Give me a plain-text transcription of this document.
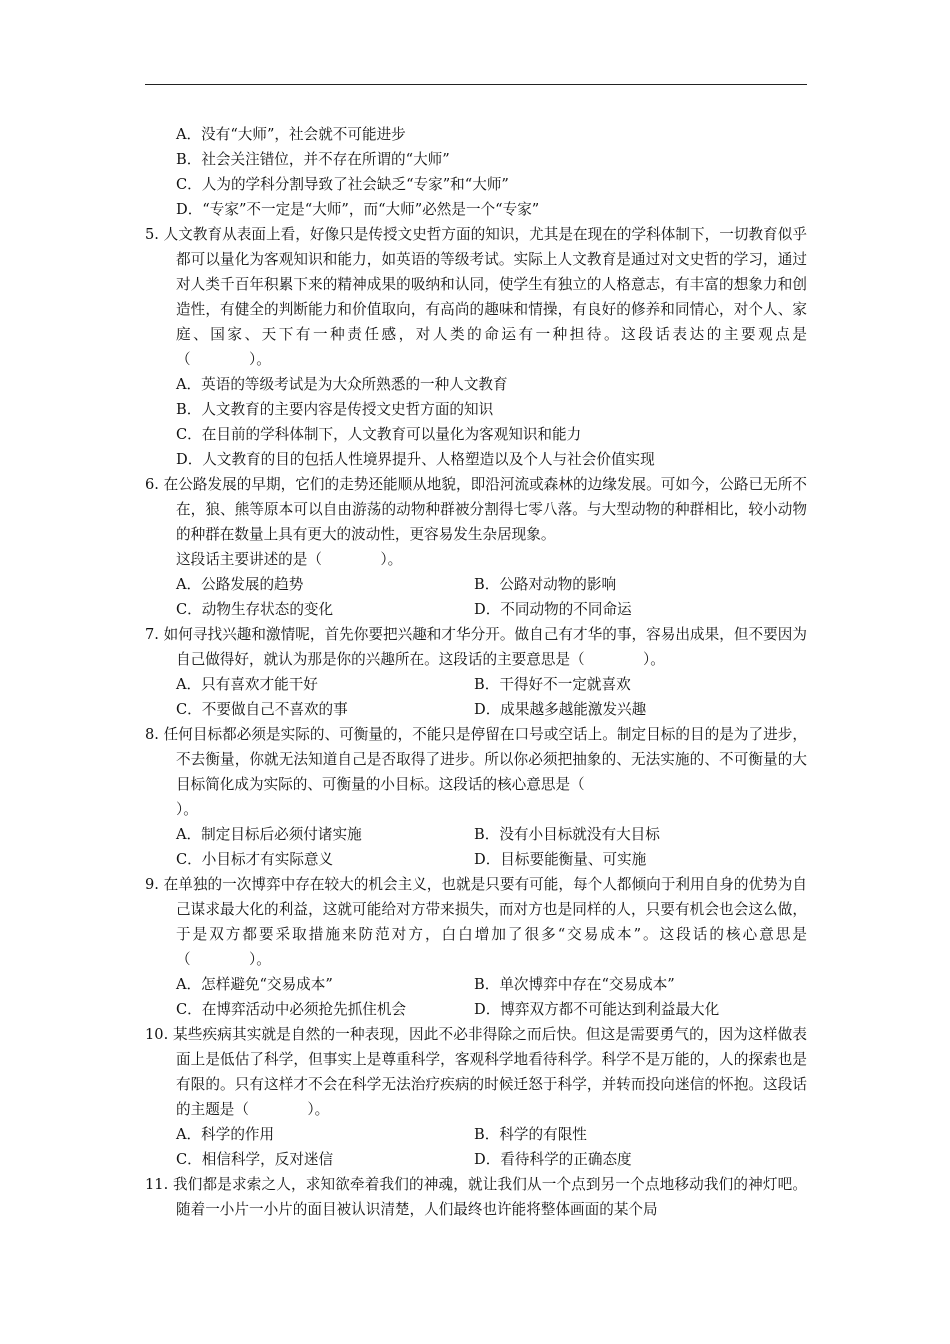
A．没有“大师”，社会就不可能进步

B．社会关注错位，并不存在所谓的“大师”

C．人为的学科分割导致了社会缺乏“专家”和“大师”

D．“专家”不一定是“大师”，而“大师”必然是一个“专家”

5. 人文教育从表面上看，好像只是传授文史哲方面的知识，尤其是在现在的学科体制下，一切教育似乎都可以量化为客观知识和能力，如英语的等级考试。实际上人文教育是通过对文史哲的学习，通过对人类千百年积累下来的精神成果的吸纳和认同，使学生有独立的人格意志，有丰富的想象力和创造性，有健全的判断能力和价值取向，有高尚的趣味和情操，有良好的修养和同情心，对个人、家庭、国家、天下有一种责任感，对人类的命运有一种担待。这段话表达的主要观点是（　　　　）。

A．英语的等级考试是为大众所熟悉的一种人文教育

B．人文教育的主要内容是传授文史哲方面的知识

C．在目前的学科体制下，人文教育可以量化为客观知识和能力

D．人文教育的目的包括人性境界提升、人格塑造以及个人与社会价值实现

6. 在公路发展的早期，它们的走势还能顺从地貌，即沿河流或森林的边缘发展。可如今，公路已无所不在，狼、熊等原本可以自由游荡的动物种群被分割得七零八落。与大型动物的种群相比，较小动物的种群在数量上具有更大的波动性，更容易发生杂居现象。

这段话主要讲述的是（　　　　）。

A．公路发展的趋势	B．公路对动物的影响
C．动物生存状态的变化	D．不同动物的不同命运

7. 如何寻找兴趣和激情呢，首先你要把兴趣和才华分开。做自己有才华的事，容易出成果，但不要因为自己做得好，就认为那是你的兴趣所在。这段话的主要意思是（　　　　）。

A．只有喜欢才能干好	B．干得好不一定就喜欢
C．不要做自己不喜欢的事	D．成果越多越能激发兴趣

8. 任何目标都必须是实际的、可衡量的，不能只是停留在口号或空话上。制定目标的目的是为了进步，不去衡量，你就无法知道自己是否取得了进步。所以你必须把抽象的、无法实施的、不可衡量的大目标简化成为实际的、可衡量的小目标。这段话的核心意思是（

）。

A．制定目标后必须付诸实施	B．没有小目标就没有大目标
C．小目标才有实际意义	D．目标要能衡量、可实施

9. 在单独的一次博弈中存在较大的机会主义，也就是只要有可能，每个人都倾向于利用自身的优势为自己谋求最大化的利益，这就可能给对方带来损失，而对方也是同样的人，只要有机会也会这么做，于是双方都要采取措施来防范对方，白白增加了很多“交易成本”。这段话的核心意思是（　　　　）。

A．怎样避免“交易成本”	B．单次博弈中存在“交易成本”
C．在博弈活动中必须抢先抓住机会	D．博弈双方都不可能达到利益最大化

10. 某些疾病其实就是自然的一种表现，因此不必非得除之而后快。但这是需要勇气的，因为这样做表面上是低估了科学，但事实上是尊重科学，客观科学地看待科学。科学不是万能的，人的探索也是有限的。只有这样才不会在科学无法治疗疾病的时候迁怒于科学，并转而投向迷信的怀抱。这段话的主题是（　　　　）。

A．科学的作用	B．科学的有限性
C．相信科学，反对迷信	D．看待科学的正确态度

11. 我们都是求索之人，求知欲牵着我们的神魂，就让我们从一个点到另一个点地移动我们的神灯吧。随着一小片一小片的面目被认识清楚，人们最终也许能将整体画面的某个局
